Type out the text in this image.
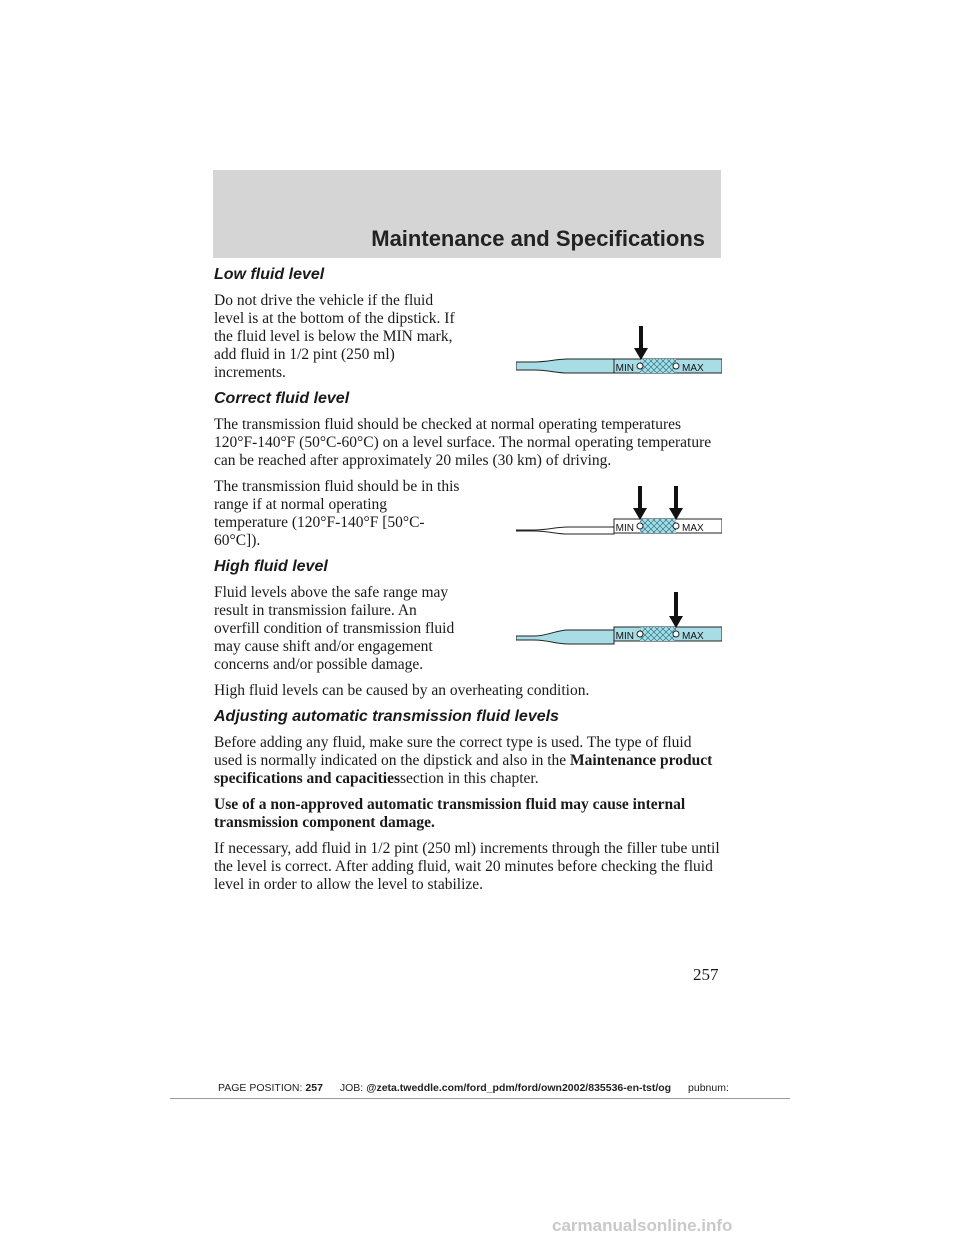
Maintenance and Specifications
Low fluid level

Do not drive the vehicle if the fluid level is at the bottom of the dipstick. If the fluid level is below the MIN mark, add fluid in 1/2 pint (250 ml) increments.	MIN	MAX
Correct fluid level

The transmission fluid should be checked at normal operating temperatures 120°F-140°F (50°C-60°C) on a level surface. The normal operating temperature can be reached after approximately 20 miles (30 km) of driving.

The transmission fluid should be in this range if at normal operating temperature (120°F-140°F [50°C-60°C]).

MIN	MAX
High fluid level

Fluid levels above the safe range may result in transmission failure. An overfill condition of transmission fluid may cause shift and/or engagement concerns and/or possible damage.

MIN	MAX

High fluid levels can be caused by an overheating condition.

Adjusting automatic transmission fluid levels

Before adding any fluid, make sure the correct type is used. The type of fluid used is normally indicated on the dipstick and also in the Maintenance product specifications and capacitiessection in this chapter.

Use of a non-approved automatic transmission fluid may cause internal transmission component damage.

If necessary, add fluid in 1/2 pint (250 ml) increments through the filler tube until the level is correct. After adding fluid, wait 20 minutes before checking the fluid level in order to allow the level to stabilize.

257

PAGE POSITION: 257 JOB: @zeta.tweddle.com/ford_pdm/ford/own2002/835536-en-tst/og pubnum:

carmanualsonline.info
